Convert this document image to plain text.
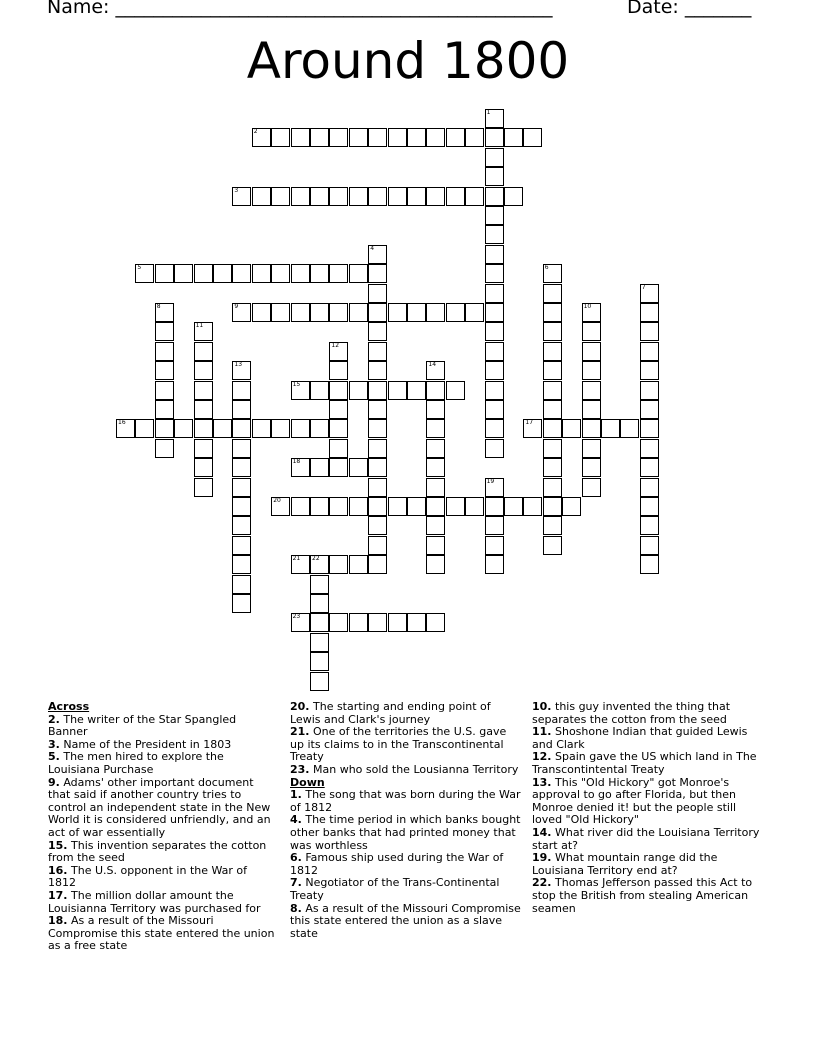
Name: ______________________________________________	Date: _______
Around 1800
1
2
3
4
5	6
7
8	9	10
11
12
13	14
15
16	17
18
19
20
21 22
23
Across
2. The writer of the Star Spangled Banner
3. Name of the President in 1803
5. The men hired to explore the Louisiana Purchase
9. Adams' other important document that said if another country tries to control an independent state in the New World it is considered unfriendly, and an act of war essentially
15. This invention separates the cotton from the seed
16. The U.S. opponent in the War of 1812
17. The million dollar amount the Louisianna Territory was purchased for
18. As a result of the Missouri Compromise this state entered the union as a free state
20. The starting and ending point of Lewis and Clark's journey
21. One of the territories the U.S. gave up its claims to in the Transcontinental Treaty
23. Man who sold the Lousianna Territory
Down
1. The song that was born during the War of 1812
4. The time period in which banks bought other banks that had printed money that was worthless
6. Famous ship used during the War of 1812
7. Negotiator of the Trans-Continental Treaty
8. As a result of the Missouri Compromise this state entered the union as a slave state
10. this guy invented the thing that separates the cotton from the seed
11. Shoshone Indian that guided Lewis and Clark
12. Spain gave the US which land in The Transcontintental Treaty
13. This "Old Hickory" got Monroe's approval to go after Florida, but then Monroe denied it! but the people still loved "Old Hickory"
14. What river did the Louisiana Territory start at?
19. What mountain range did the Louisiana Territory end at?
22. Thomas Jefferson passed this Act to stop the British from stealing American seamen
